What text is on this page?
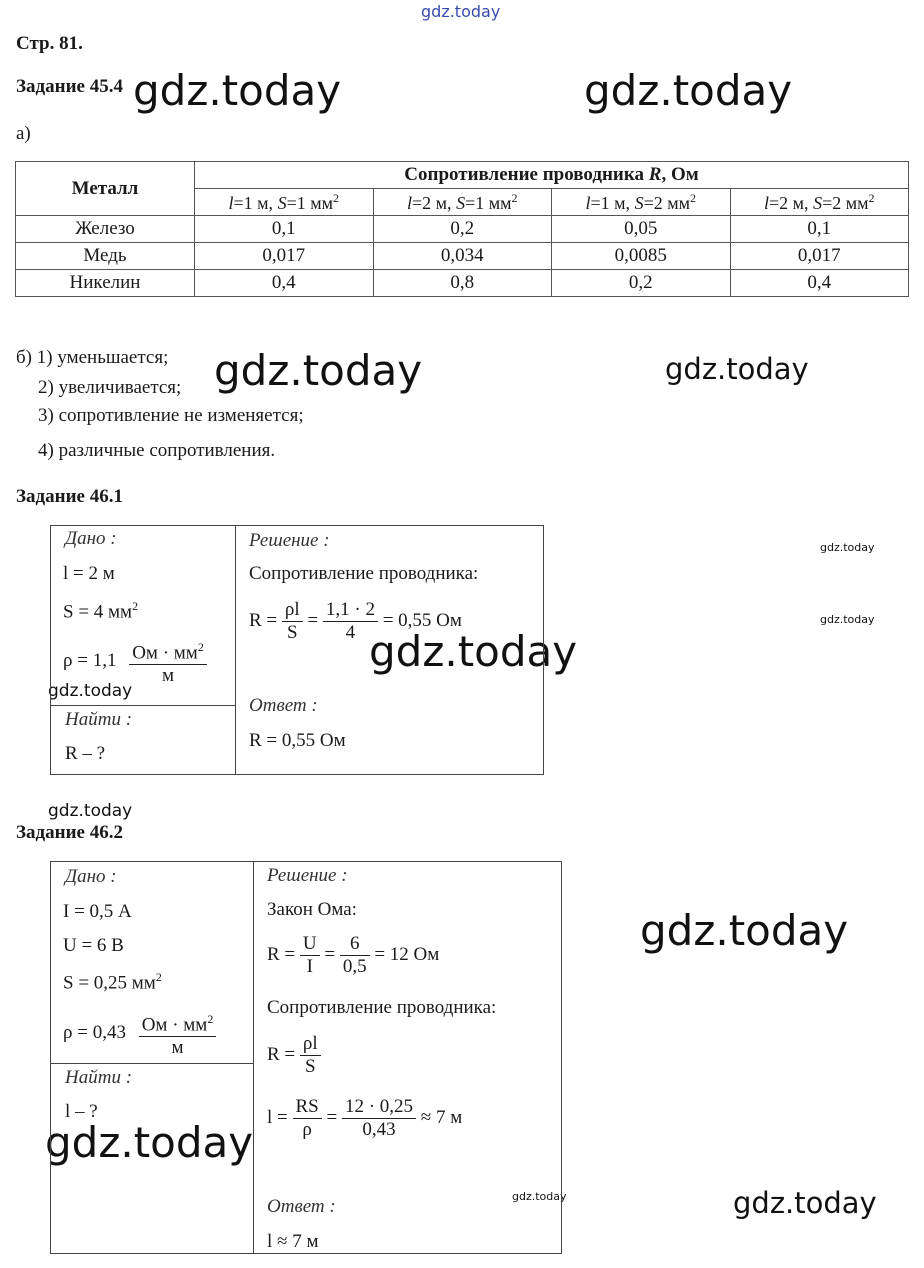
gdz.today
gdz.today	gdz.today
gdz.today	gdz.today
gdz.today
gdz.today
gdz.today
gdz.today
gdz.today
gdz.today
gdz.today
gdz.today	gdz.today
Стр. 81.
Задание 45.4
а)
Металл	Сопротивление проводника R, Ом			
	l=1 м, S=1 $мм^2$	l=2 м, S=1 $мм^2$	l=1 м, S=2 $мм^2$	l=2 м, S=2 $мм^2$
Железо	0,1	0,2	0,05	0,1
Медь	0,017	0,034	0,0085	0,017
Никелин	0,4	0,8	0,2	0,4
б) 1) уменьшается;
2) увеличивается;
3) сопротивление не изменяется;
4) различные сопротивления.
Задание 46.1
Дано :
l = 2 м
S = 4 $мм^2$
$\rho = 1,1 \frac{Ом \cdot мм^2}{м}$
Найти :
R – ?
Решение :
Сопротивление проводника:
$R = \frac{\rho l}{S} = \frac{1,1 \cdot 2}{4} = 0,55$ Ом
Ответ :
R = 0,55 Ом
Задание 46.2
Дано :
I = 0,5 А
U = 6 В
S = 0,25 $мм^2$
$\rho = 0,43 \frac{Ом \cdot мм^2}{м}$
Найти :
l – ?
Решение :
Закон Ома:
$R = \frac{U}{I} = \frac{6}{0,5} = 12$ Ом
Сопротивление проводника:
$R = \frac{\rho l}{S}$
$l = \frac{RS}{\rho} = \frac{12 \cdot 0,25}{0,43} \approx 7$ м
Ответ :
l ≈ 7 м
